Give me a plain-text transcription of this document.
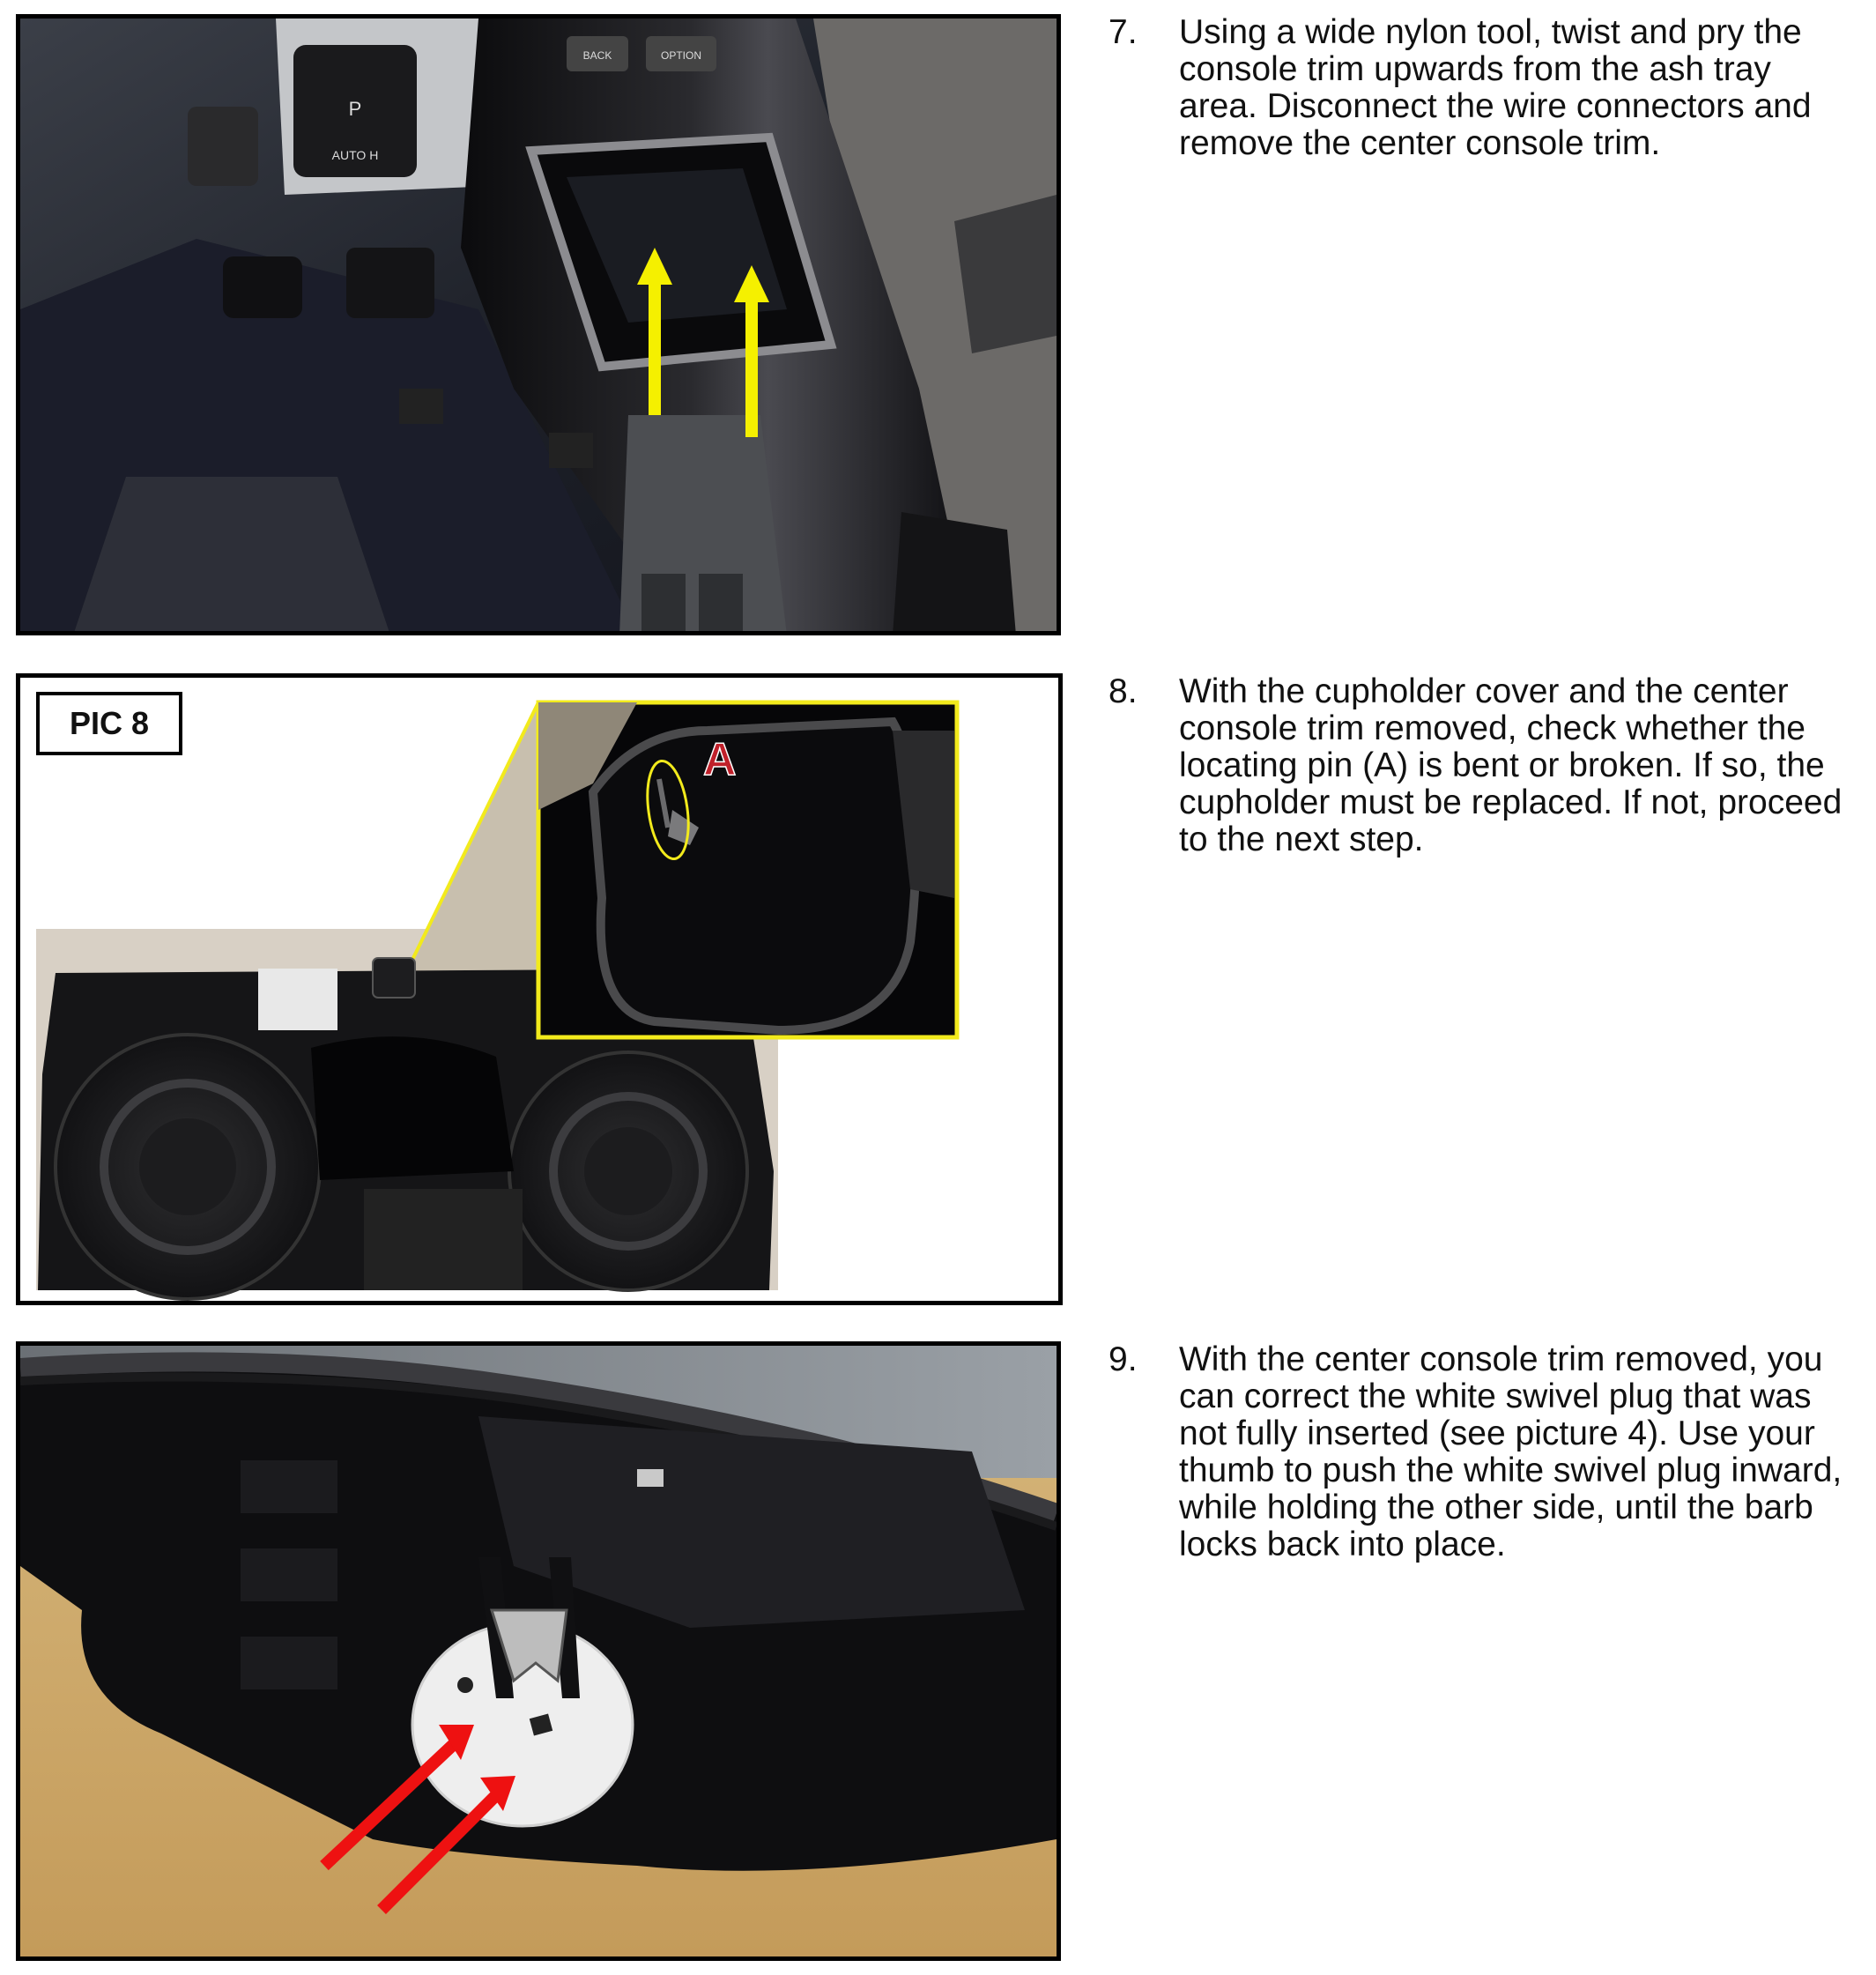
P
AUTO H
BACK	OPTION
7.	Using a wide nylon tool, twist and pry the console trim upwards from the ash tray area. Disconnect the wire connectors and remove the center console trim.
A
PIC 8
8.	With the cupholder cover and the center console trim removed, check whether the locating pin (A) is bent or broken. If so, the cupholder must be replaced. If not, proceed to the next step.
9.	With the center console trim removed, you can correct the white swivel plug that was not fully inserted (see picture 4). Use your thumb to push the white swivel plug inward, while holding the other side, until the barb locks back into place.
